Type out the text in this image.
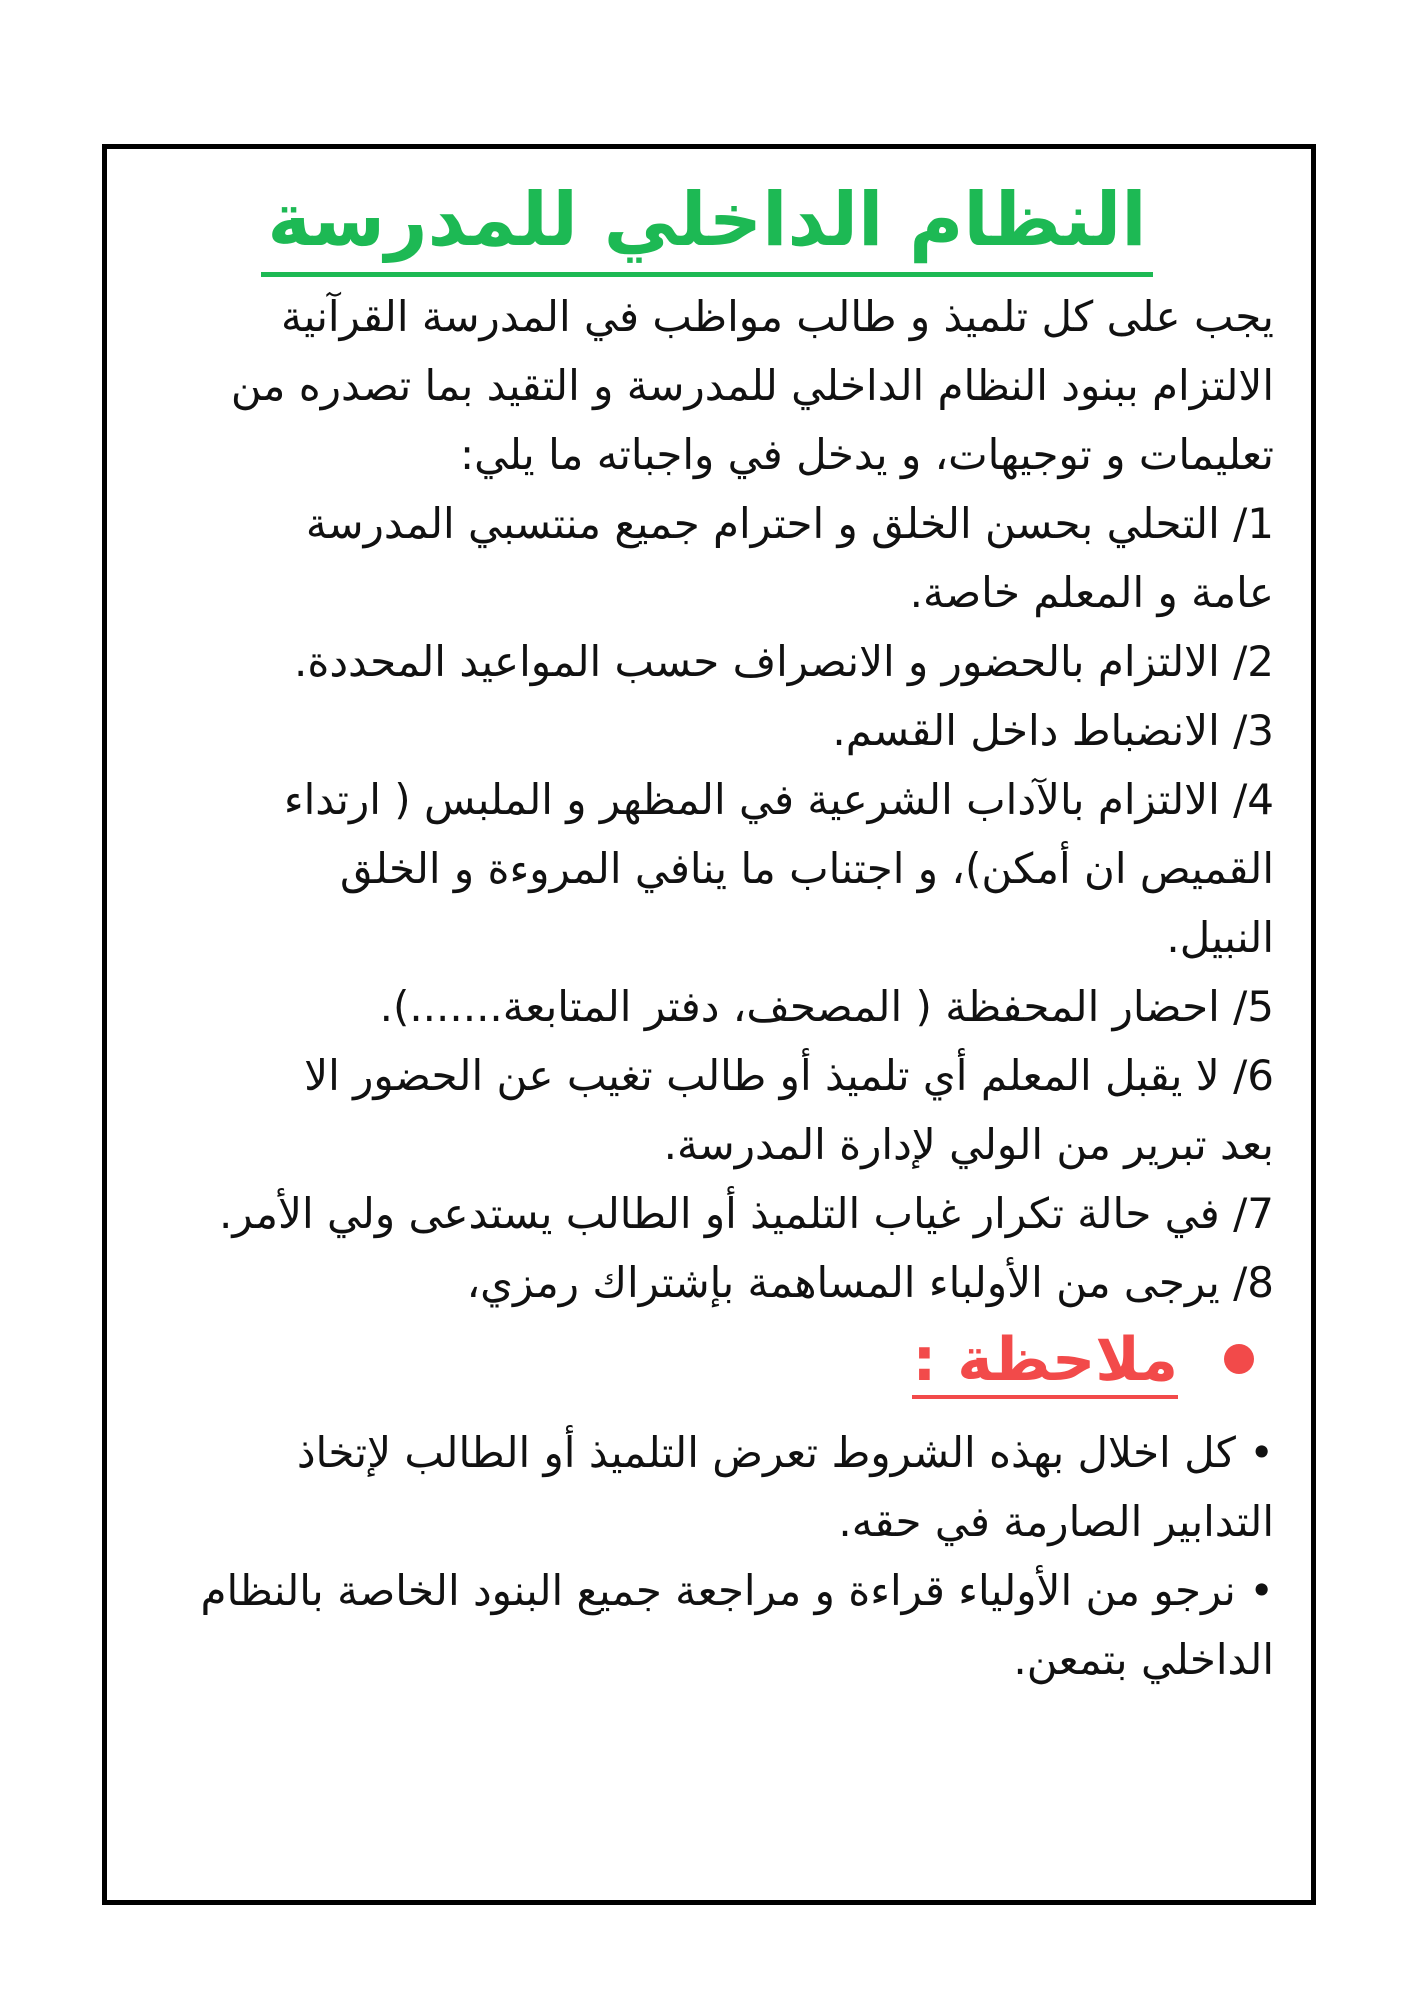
النظام الداخلي للمدرسة
يجب على كل تلميذ و طالب مواظب في المدرسة القرآنية
الالتزام ببنود النظام الداخلي للمدرسة و التقيد بما تصدره من
تعليمات و توجيهات، و يدخل في واجباته ما يلي:
1/ التحلي بحسن الخلق و احترام جميع منتسبي المدرسة
عامة و المعلم خاصة.
2/ الالتزام بالحضور و الانصراف حسب المواعيد المحددة.
3/ الانضباط داخل القسم.
4/ الالتزام بالآداب الشرعية في المظهر و الملبس ( ارتداء
القميص ان أمكن)، و اجتناب ما ينافي المروءة و الخلق
النبيل.
5/ احضار المحفظة ( المصحف، دفتر المتابعة.......).
6/ لا يقبل المعلم أي تلميذ أو طالب تغيب عن الحضور الا
بعد تبرير من الولي لإدارة المدرسة.
7/ في حالة تكرار غياب التلميذ أو الطالب يستدعى ولي الأمر.
8/ يرجى من الأولباء المساهمة بإشتراك رمزي،
ملاحظة :
• كل اخلال بهذه الشروط تعرض التلميذ أو الطالب لإتخاذ
التدابير الصارمة في حقه.
• نرجو من الأولياء قراءة و مراجعة جميع البنود الخاصة بالنظام
الداخلي بتمعن.
